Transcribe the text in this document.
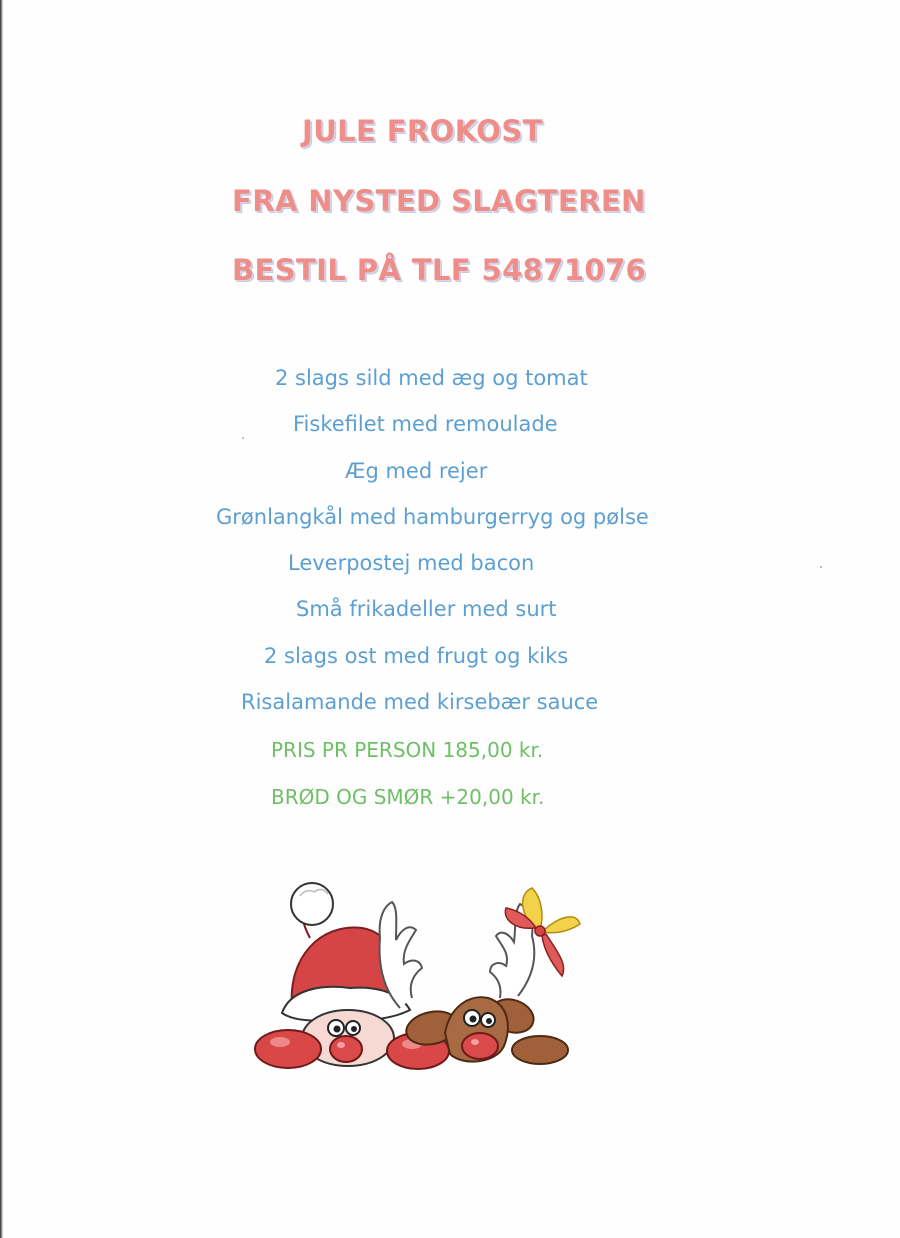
JULE FROKOST
FRA NYSTED SLAGTEREN
BESTIL PÅ TLF 54871076

2 slags sild med æg og tomat

Fiskefilet med remoulade

Æg med rejer

Grønlangkål med hamburgerryg og pølse

Leverpostej med bacon

Små frikadeller med surt

2 slags ost med frugt og kiks

Risalamande med kirsebær sauce

PRIS PR PERSON 185,00 kr.

BRØD OG SMØR +20,00 kr.
